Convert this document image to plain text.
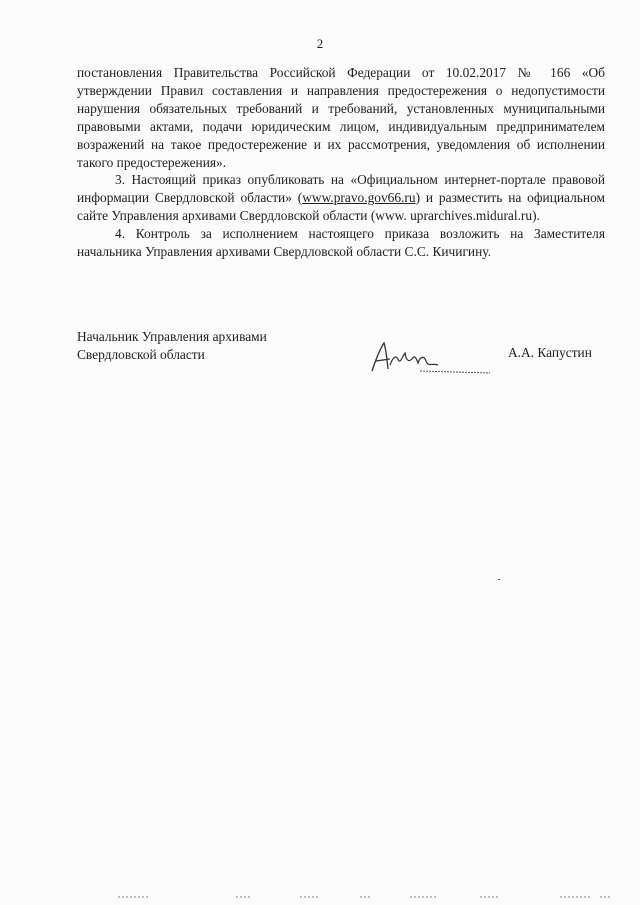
2

постановления Правительства Российской Федерации от 10.02.2017 № 166 «Об утверждении Правил составления и направления предостережения о недопустимости нарушения обязательных требований и требований, установленных муниципальными правовыми актами, подачи юридическим лицом, индивидуальным предпринимателем возражений на такое предостережение и их рассмотрения, уведомления об исполнении такого предостережения».

3. Настоящий приказ опубликовать на «Официальном интернет-портале правовой информации Свердловской области» (www.pravo.gov66.ru) и разместить на официальном сайте Управления архивами Свердловской области (www. uprarchives.midural.ru).

4. Контроль за исполнением настоящего приказа возложить на Заместителя начальника Управления архивами Свердловской области С.С. Кичигину.

Начальник Управления архивами
Свердловской области	А.А. Капустин
